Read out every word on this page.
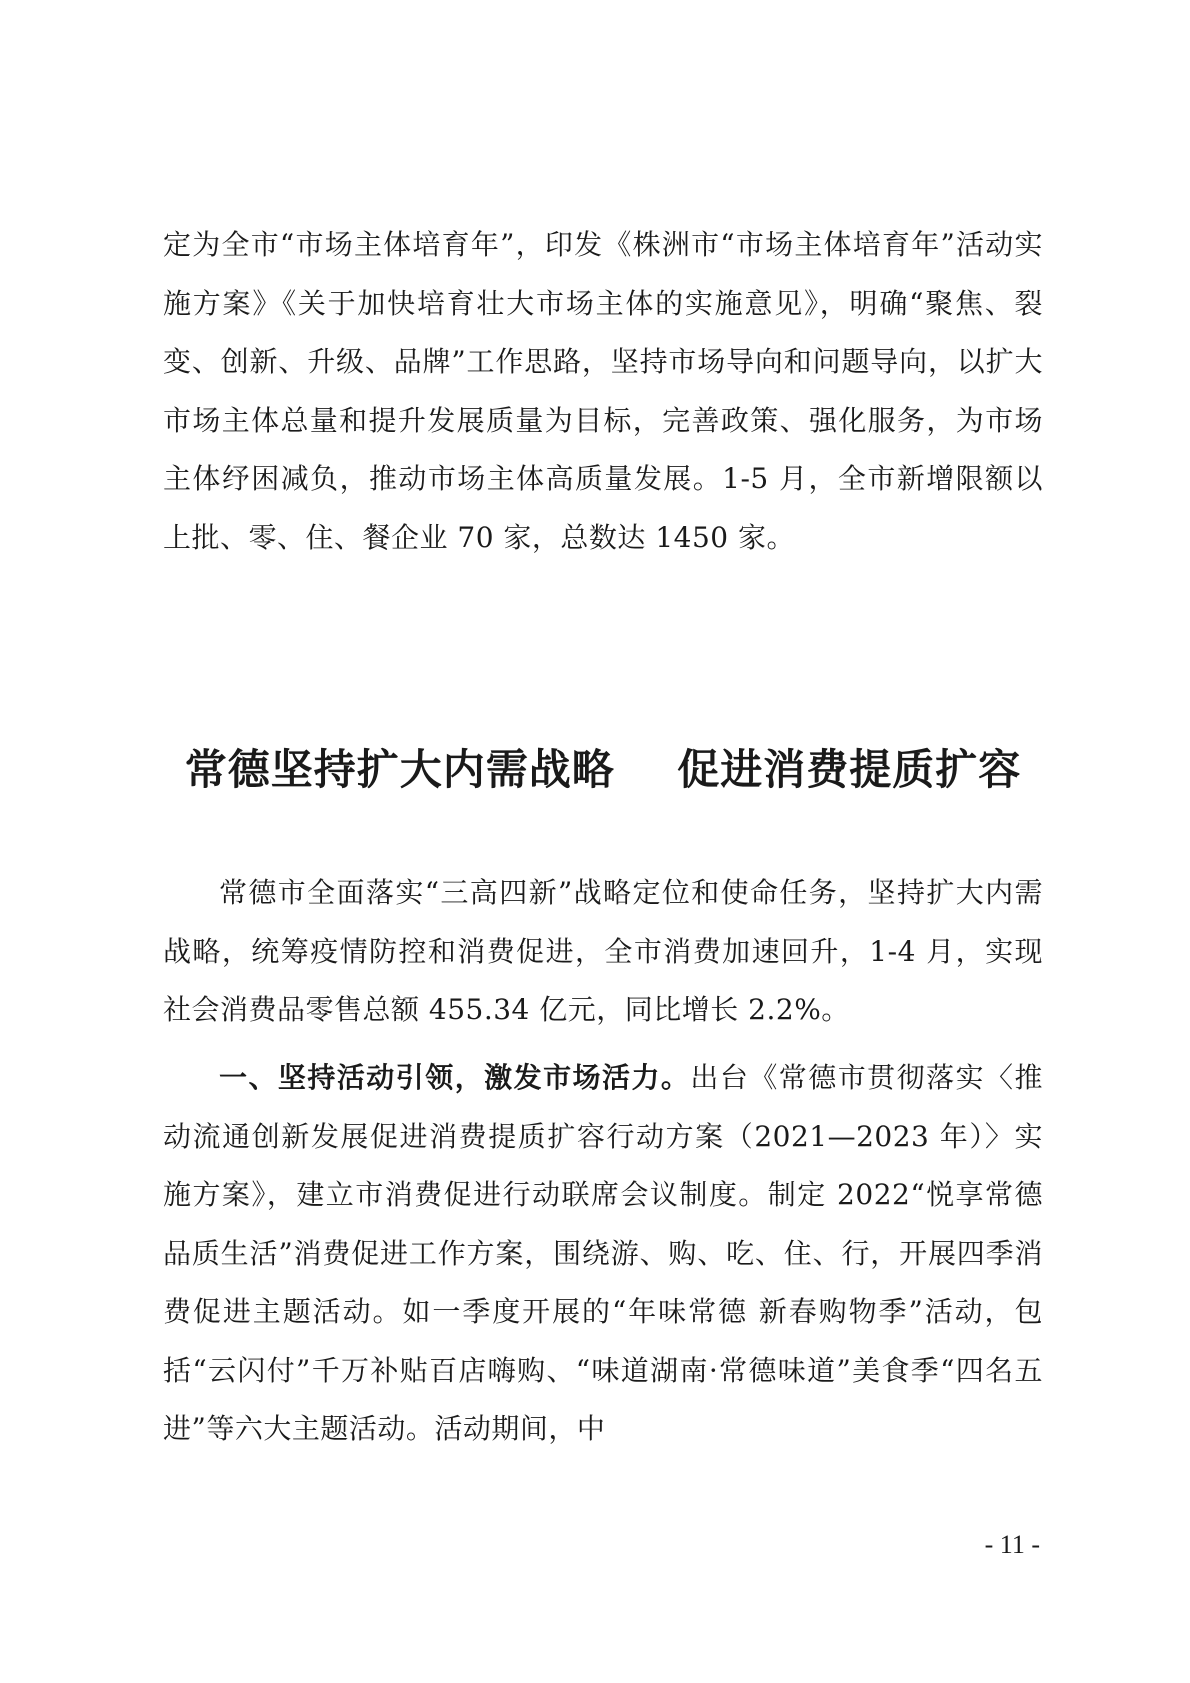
定为全市“市场主体培育年”，印发《株洲市“市场主体培育年”活动实施方案》《关于加快培育壮大市场主体的实施意见》，明确“聚焦、裂变、创新、升级、品牌”工作思路，坚持市场导向和问题导向，以扩大市场主体总量和提升发展质量为目标，完善政策、强化服务，为市场主体纾困减负，推动市场主体高质量发展。1-5 月，全市新增限额以上批、零、住、餐企业 70 家，总数达 1450 家。

常德坚持扩大内需战略    促进消费提质扩容

常德市全面落实“三高四新”战略定位和使命任务，坚持扩大内需战略，统筹疫情防控和消费促进，全市消费加速回升，1-4 月，实现社会消费品零售总额 455.34 亿元，同比增长 2.2%。

一、坚持活动引领，激发市场活力。出台《常德市贯彻落实〈推动流通创新发展促进消费提质扩容行动方案（2021—2023 年）〉实施方案》，建立市消费促进行动联席会议制度。制定 2022“悦享常德品质生活”消费促进工作方案，围绕游、购、吃、住、行，开展四季消费促进主题活动。如一季度开展的“年味常德 新春购物季”活动，包括“云闪付”千万补贴百店嗨购、“味道湖南·常德味道”美食季“四名五进”等六大主题活动。活动期间，中

- 11 -
